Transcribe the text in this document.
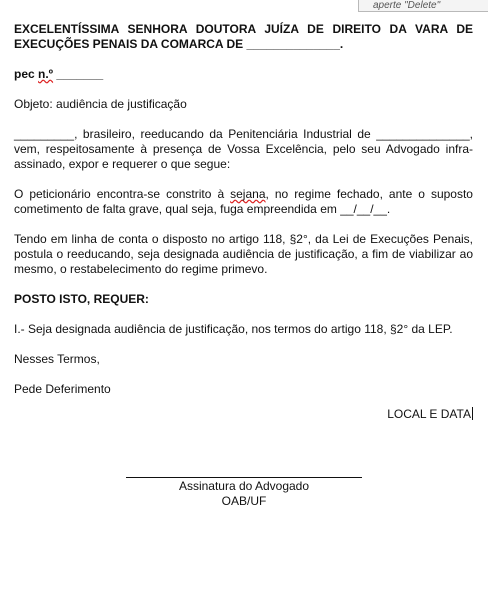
aperte "Delete"

EXCELENTÍSSIMA SENHORA DOUTORA JUÍZA DE DIREITO DA VARA DE EXECUÇÕES PENAIS DA COMARCA DE ______________.

pec n.º _______

Objeto: audiência de justificação

_________, brasileiro, reeducando da Penitenciária Industrial de ______________, vem, respeitosamente à presença de Vossa Excelência, pelo seu Advogado infra-assinado, expor e requerer o que segue:

O peticionário encontra-se constrito à sejana, no regime fechado, ante o suposto cometimento de falta grave, qual seja, fuga empreendida em __/__/__.

Tendo em linha de conta o disposto no artigo 118, §2°, da Lei de Execuções Penais, postula o reeducando, seja designada audiência de justificação, a fim de viabilizar ao mesmo, o restabelecimento do regime primevo.

POSTO ISTO, REQUER:

I.- Seja designada audiência de justificação, nos termos do artigo 118, §2° da LEP.

Nesses Termos,

Pede Deferimento

LOCAL E DATA

Assinatura do Advogado
OAB/UF
